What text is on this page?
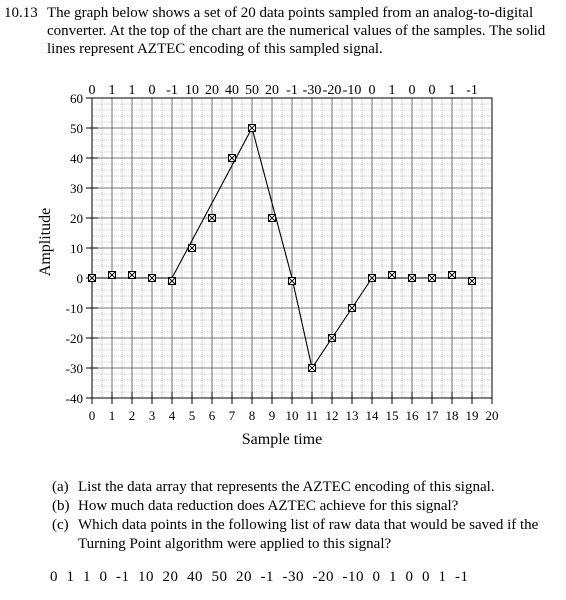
10.13 The graph below shows a set of 20 data points sampled from an analog-to-digital converter. At the top of the chart are the numerical values of the samples. The solid lines represent AZTEC encoding of this sampled signal.
0 1 1 0 -1 10 20 40 50 20 -1 -30 -20 -10 0 1 0 0 1 -1
-40
-30
-20
-10
0
10
20
30
40
50
60
0 1 2 3 4 5 6 7 8 9 10 11 12 13 14 15 16 17 18 19 20
Sample time
Amplitude
(a) List the data array that represents the AZTEC encoding of this signal.
(b) How much data reduction does AZTEC achieve for this signal?
(c) Which data points in the following list of raw data that would be saved if the Turning Point algorithm were applied to this signal?
0  1  1  0  -1  10  20  40  50  20  -1  -30  -20  -10  0  1  0  0  1  -1
